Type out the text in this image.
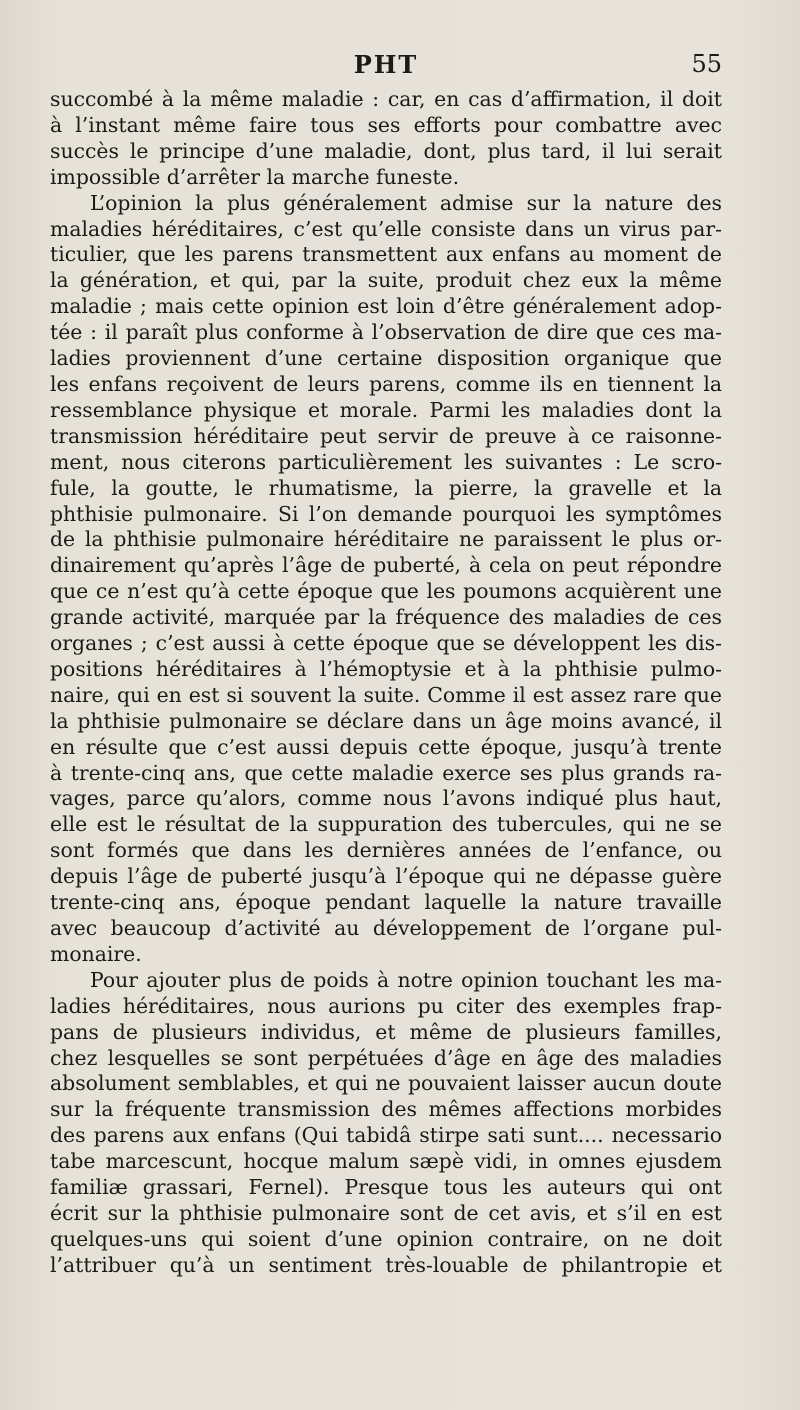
PHT	55
succombé à la même maladie : car, en cas d’affirmation, il doit
à l’instant même faire tous ses efforts pour combattre avec
succès le principe d’une maladie, dont, plus tard, il lui serait
impossible d’arrêter la marche funeste.
L’opinion la plus généralement admise sur la nature des
maladies héréditaires, c’est qu’elle consiste dans un virus par-
ticulier, que les parens transmettent aux enfans au moment de
la génération, et qui, par la suite, produit chez eux la même
maladie ; mais cette opinion est loin d’être généralement adop-
tée : il paraît plus conforme à l’observation de dire que ces ma-
ladies proviennent d’une certaine disposition organique que
les enfans reçoivent de leurs parens, comme ils en tiennent la
ressemblance physique et morale. Parmi les maladies dont la
transmission héréditaire peut servir de preuve à ce raisonne-
ment, nous citerons particulièrement les suivantes : Le scro-
fule, la goutte, le rhumatisme, la pierre, la gravelle et la
phthisie pulmonaire. Si l’on demande pourquoi les symptômes
de la phthisie pulmonaire héréditaire ne paraissent le plus or-
dinairement qu’après l’âge de puberté, à cela on peut répondre
que ce n’est qu’à cette époque que les poumons acquièrent une
grande activité, marquée par la fréquence des maladies de ces
organes ; c’est aussi à cette époque que se développent les dis-
positions héréditaires à l’hémoptysie et à la phthisie pulmo-
naire, qui en est si souvent la suite. Comme il est assez rare que
la phthisie pulmonaire se déclare dans un âge moins avancé, il
en résulte que c’est aussi depuis cette époque, jusqu’à trente
à trente-cinq ans, que cette maladie exerce ses plus grands ra-
vages, parce qu’alors, comme nous l’avons indiqué plus haut,
elle est le résultat de la suppuration des tubercules, qui ne se
sont formés que dans les dernières années de l’enfance, ou
depuis l’âge de puberté jusqu’à l’époque qui ne dépasse guère
trente-cinq ans, époque pendant laquelle la nature travaille
avec beaucoup d’activité au développement de l’organe pul-
monaire.
Pour ajouter plus de poids à notre opinion touchant les ma-
ladies héréditaires, nous aurions pu citer des exemples frap-
pans de plusieurs individus, et même de plusieurs familles,
chez lesquelles se sont perpétuées d’âge en âge des maladies
absolument semblables, et qui ne pouvaient laisser aucun doute
sur la fréquente transmission des mêmes affections morbides
des parens aux enfans (Qui tabidâ stirpe sati sunt.... necessario
tabe marcescunt, hocque malum sæpè vidi, in omnes ejusdem
familiæ grassari, Fernel). Presque tous les auteurs qui ont
écrit sur la phthisie pulmonaire sont de cet avis, et s’il en est
quelques-uns qui soient d’une opinion contraire, on ne doit
l’attribuer qu’à un sentiment très-louable de philantropie et
